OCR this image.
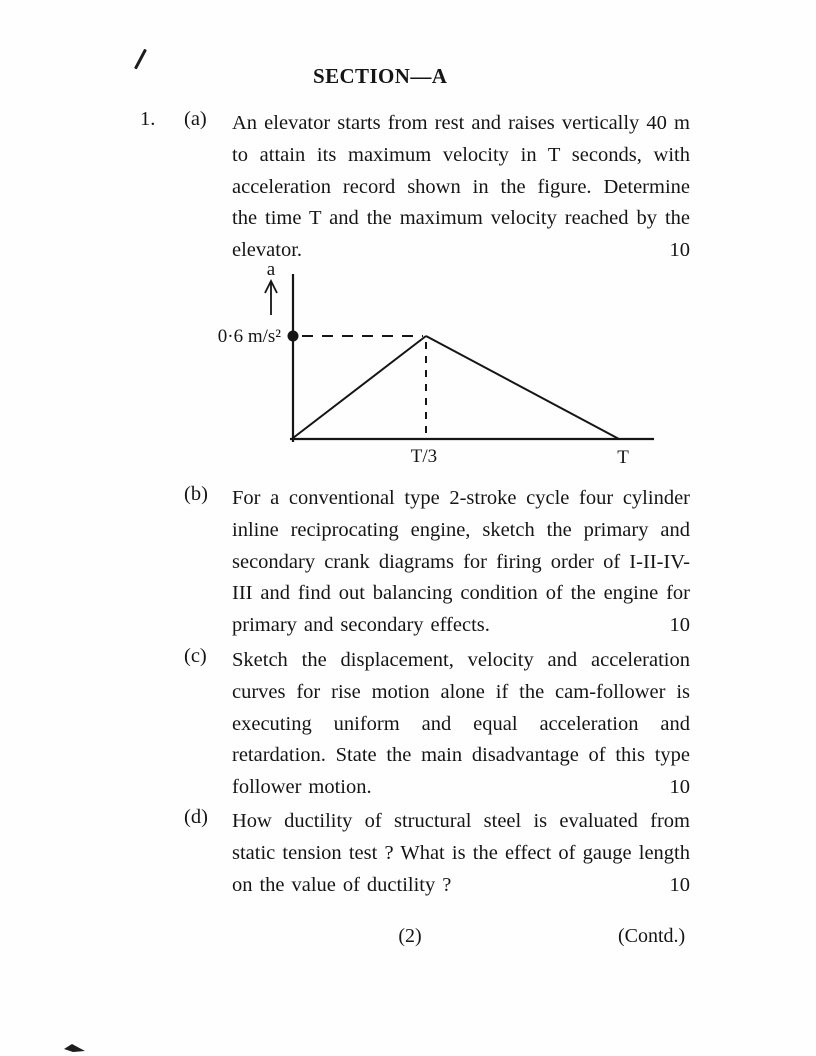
SECTION—A
1. (a) An elevator starts from rest and raises vertically 40 m to attain its maximum velocity in T seconds, with acceleration record shown in the figure. Determine the time T and the maximum velocity reached by the elevator.	10
a
0·6 m/s²
T/3	T
(b) For a conventional type 2-stroke cycle four cylinder inline reciprocating engine, sketch the primary and secondary crank diagrams for firing order of I-II-IV-III and find out balancing condition of the engine for primary and secondary effects.	10
(c) Sketch the displacement, velocity and acceleration curves for rise motion alone if the cam-follower is executing uniform and equal acceleration and retardation. State the main disadvantage of this type follower motion.	10
(d) How ductility of structural steel is evaluated from static tension test ? What is the effect of gauge length on the value of ductility ?	10
(2)	(Contd.)
